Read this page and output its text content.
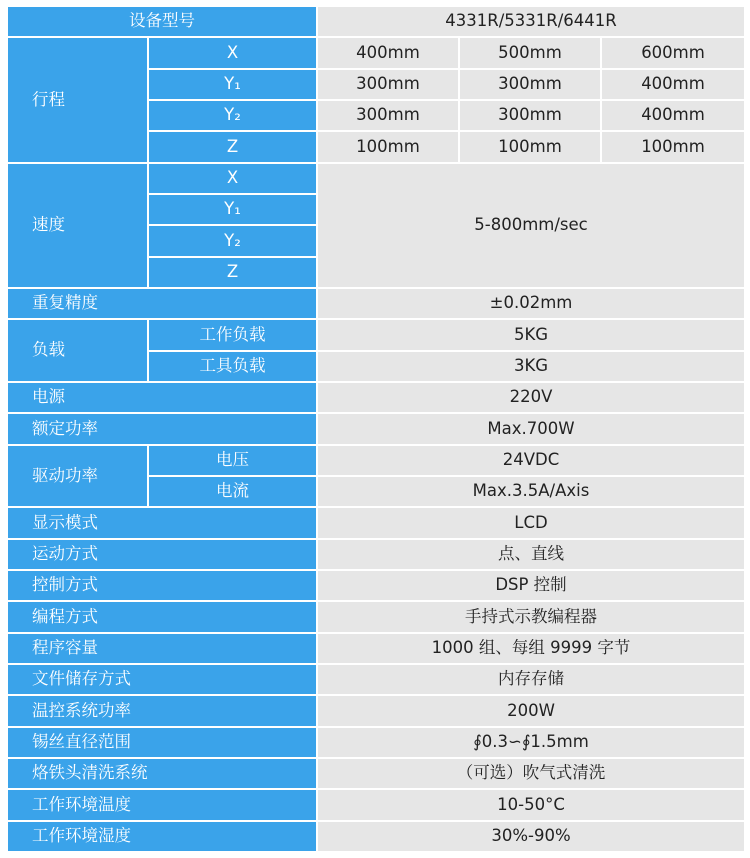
设备型号		4331R/5331R/6441R		
行程	X	400mm	500mm	600mm
	Y₁	300mm	300mm	400mm
	Y₂	300mm	300mm	400mm
	Z	100mm	100mm	100mm
速度	X	5-800mm/sec		
	Y₁			
	Y₂			
	Z			
重复精度		±0.02mm		
负载	工作负载	5KG		
	工具负载	3KG		
电源		220V		
额定功率		Max.700W		
驱动功率	电压	24VDC		
	电流	Max.3.5A/Axis		
显示模式		LCD		
运动方式		点、直线		
控制方式		DSP 控制		
编程方式		手持式示教编程器		
程序容量		1000 组、每组 9999 字节		
文件储存方式		内存存储		
温控系统功率		200W		
锡丝直径范围		∮0.3∽∮1.5mm		
烙铁头清洗系统		（可选）吹气式清洗		
工作环境温度		10-50°C		
工作环境湿度		30%-90%		
